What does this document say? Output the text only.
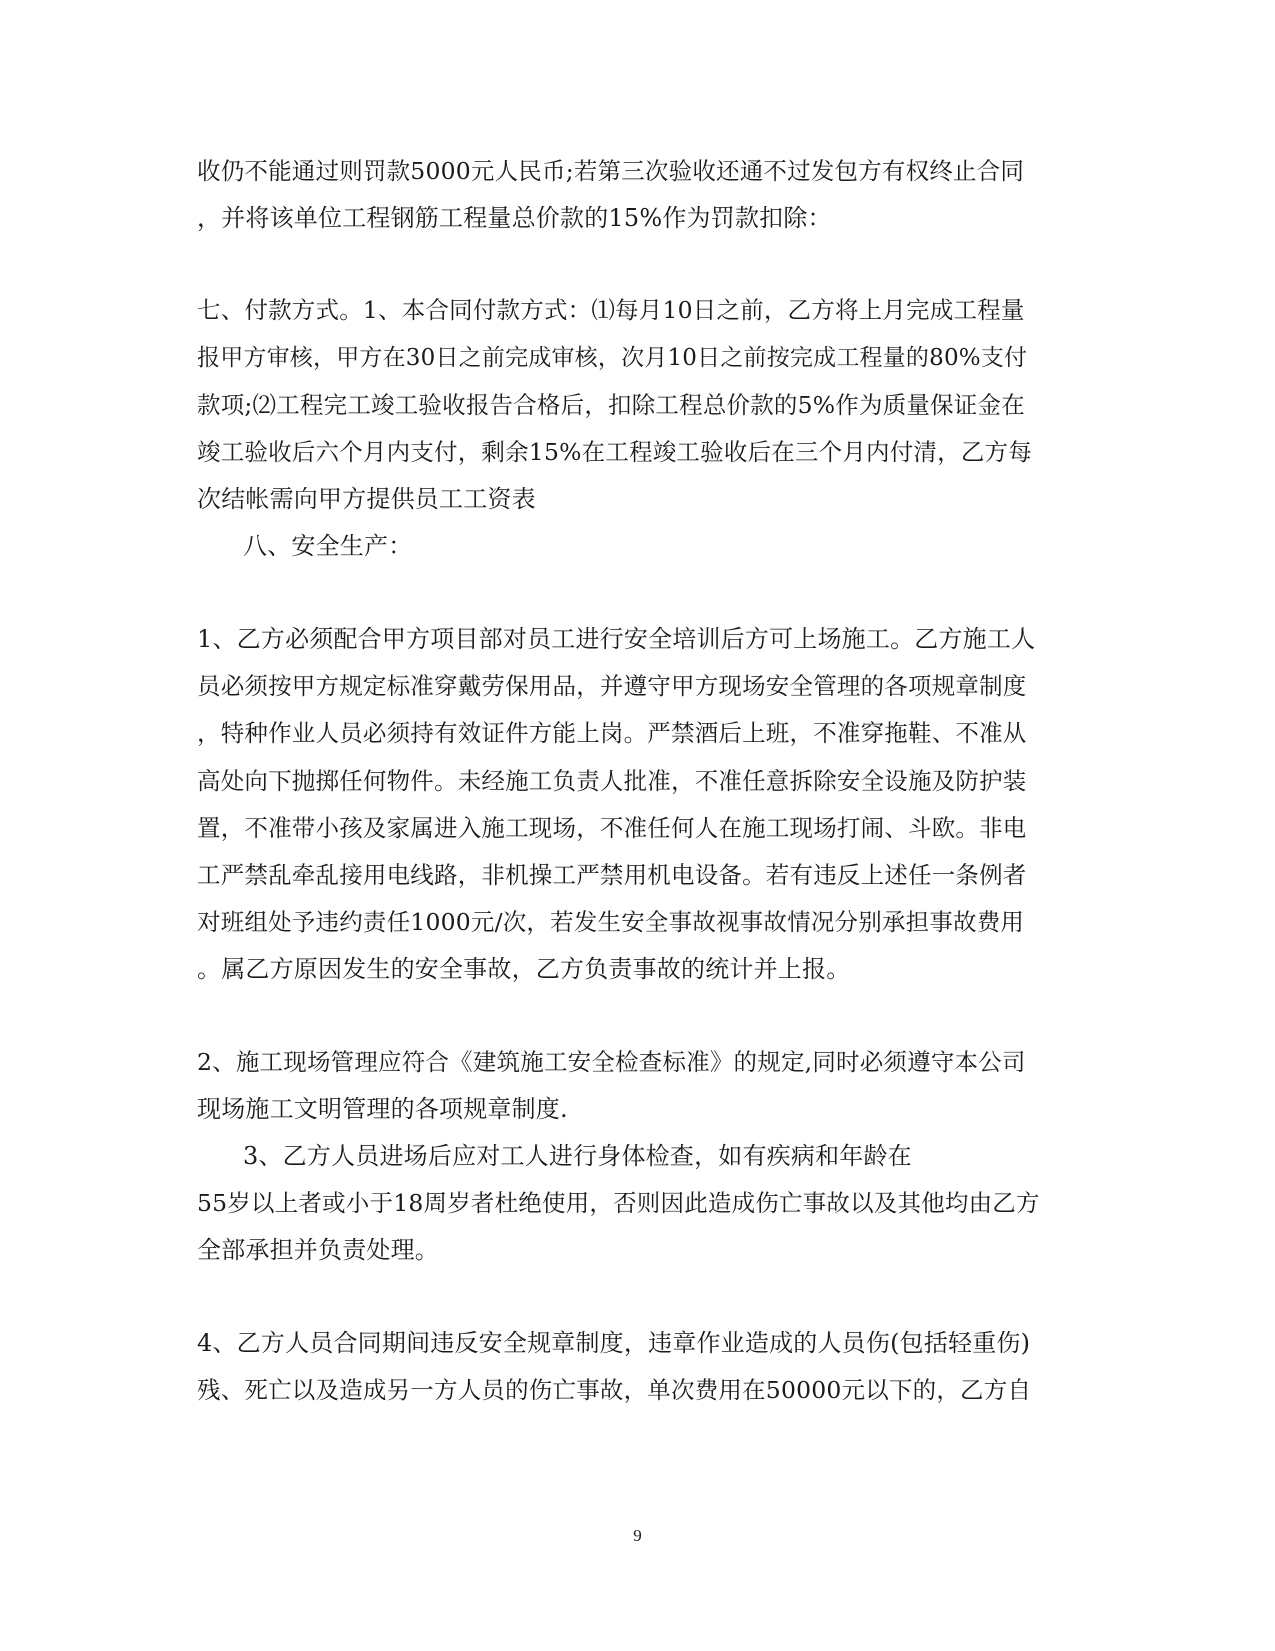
收仍不能通过则罚款5000元人民币;若第三次验收还通不过发包方有权终止合同
，并将该单位工程钢筋工程量总价款的15%作为罚款扣除：
七、付款方式。1、本合同付款方式：⑴每月10日之前，乙方将上月完成工程量
报甲方审核，甲方在30日之前完成审核，次月10日之前按完成工程量的80%支付
款项;⑵工程完工竣工验收报告合格后，扣除工程总价款的5%作为质量保证金在
竣工验收后六个月内支付，剩余15%在工程竣工验收后在三个月内付清，乙方每
次结帐需向甲方提供员工工资表
八、安全生产：
1、乙方必须配合甲方项目部对员工进行安全培训后方可上场施工。乙方施工人
员必须按甲方规定标准穿戴劳保用品，并遵守甲方现场安全管理的各项规章制度
，特种作业人员必须持有效证件方能上岗。严禁酒后上班，不准穿拖鞋、不准从
高处向下抛掷任何物件。未经施工负责人批准，不准任意拆除安全设施及防护装
置，不准带小孩及家属进入施工现场，不准任何人在施工现场打闹、斗欧。非电
工严禁乱牵乱接用电线路，非机操工严禁用机电设备。若有违反上述任一条例者
对班组处予违约责任1000元/次，若发生安全事故视事故情况分别承担事故费用
。属乙方原因发生的安全事故，乙方负责事故的统计并上报。
2、施工现场管理应符合《建筑施工安全检查标准》的规定,同时必须遵守本公司
现场施工文明管理的各项规章制度.
3、乙方人员进场后应对工人进行身体检查，如有疾病和年龄在
55岁以上者或小于18周岁者杜绝使用，否则因此造成伤亡事故以及其他均由乙方
全部承担并负责处理。
4、乙方人员合同期间违反安全规章制度，违章作业造成的人员伤(包括轻重伤)
残、死亡以及造成另一方人员的伤亡事故，单次费用在50000元以下的，乙方自
9
